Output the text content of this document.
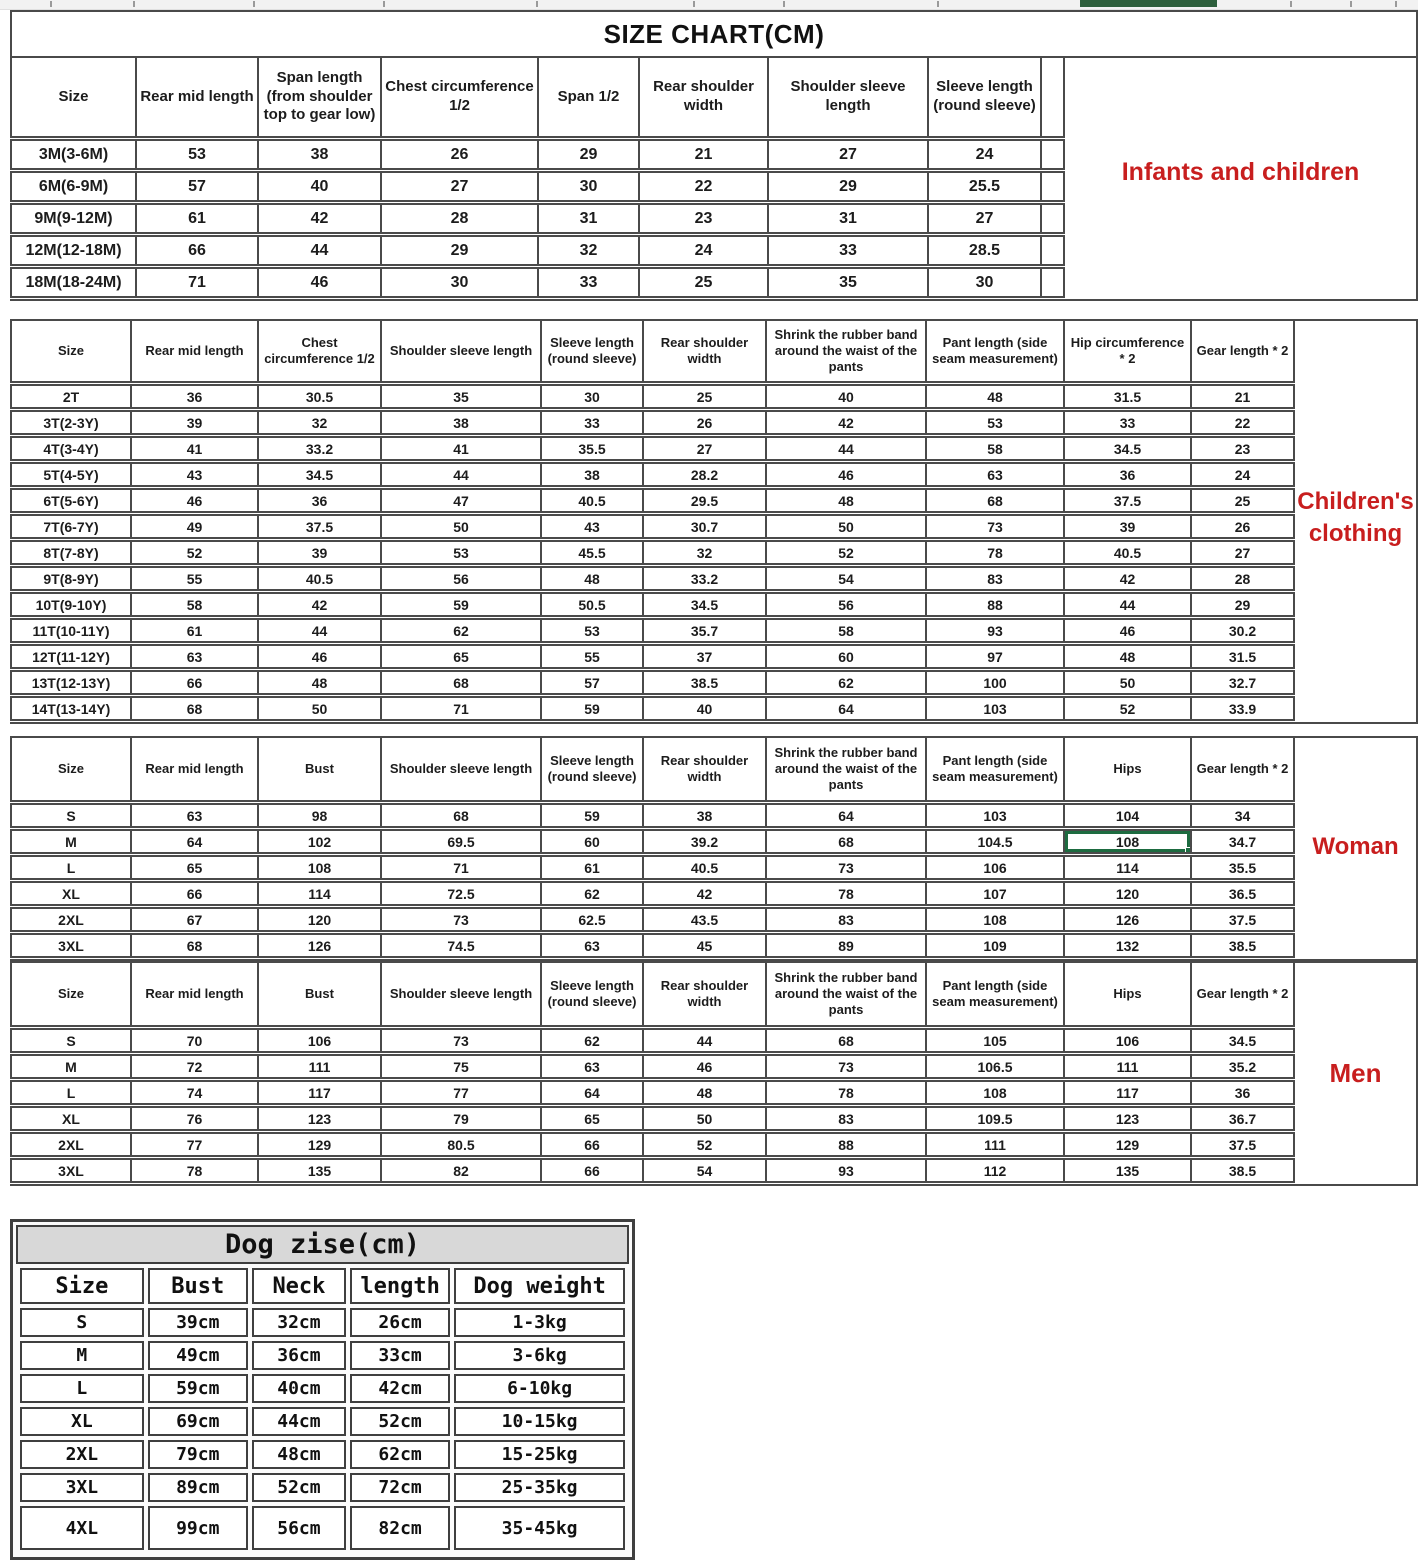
SIZE CHART(CM)
Size	Rear mid length	Span length (from shoulder top to gear low)	Chest circumference 1/2	Span 1/2	Rear shoulder width	Shoulder sleeve length	Sleeve length (round sleeve)	
3M(3-6M)	53	38	26	29	21	27	24	
6M(6-9M)	57	40	27	30	22	29	25.5	
9M(9-12M)	61	42	28	31	23	31	27	
12M(12-18M)	66	44	29	32	24	33	28.5	
18M(18-24M)	71	46	30	33	25	35	30	
Infants and children
Size	Rear mid length	Chest circumference 1/2	Shoulder sleeve length	Sleeve length (round sleeve)	Rear shoulder width	Shrink the rubber band around the waist of the pants	Pant length (side seam measurement)	Hip circumference * 2	Gear length * 2
2T	36	30.5	35	30	25	40	48	31.5	21
3T(2-3Y)	39	32	38	33	26	42	53	33	22
4T(3-4Y)	41	33.2	41	35.5	27	44	58	34.5	23
5T(4-5Y)	43	34.5	44	38	28.2	46	63	36	24
6T(5-6Y)	46	36	47	40.5	29.5	48	68	37.5	25
7T(6-7Y)	49	37.5	50	43	30.7	50	73	39	26
8T(7-8Y)	52	39	53	45.5	32	52	78	40.5	27
9T(8-9Y)	55	40.5	56	48	33.2	54	83	42	28
10T(9-10Y)	58	42	59	50.5	34.5	56	88	44	29
11T(10-11Y)	61	44	62	53	35.7	58	93	46	30.2
12T(11-12Y)	63	46	65	55	37	60	97	48	31.5
13T(12-13Y)	66	48	68	57	38.5	62	100	50	32.7
14T(13-14Y)	68	50	71	59	40	64	103	52	33.9
Children's clothing
Size	Rear mid length	Bust	Shoulder sleeve length	Sleeve length (round sleeve)	Rear shoulder width	Shrink the rubber band around the waist of the pants	Pant length (side seam measurement)	Hips	Gear length * 2
S	63	98	68	59	38	64	103	104	34
M	64	102	69.5	60	39.2	68	104.5	108	34.7
L	65	108	71	61	40.5	73	106	114	35.5
XL	66	114	72.5	62	42	78	107	120	36.5
2XL	67	120	73	62.5	43.5	83	108	126	37.5
3XL	68	126	74.5	63	45	89	109	132	38.5
Woman
Size	Rear mid length	Bust	Shoulder sleeve length	Sleeve length (round sleeve)	Rear shoulder width	Shrink the rubber band around the waist of the pants	Pant length (side seam measurement)	Hips	Gear length * 2
S	70	106	73	62	44	68	105	106	34.5
M	72	111	75	63	46	73	106.5	111	35.2
L	74	117	77	64	48	78	108	117	36
XL	76	123	79	65	50	83	109.5	123	36.7
2XL	77	129	80.5	66	52	88	111	129	37.5
3XL	78	135	82	66	54	93	112	135	38.5
Men
Dog zise(cm)
Size	Bust	Neck	length	Dog weight
S	39cm	32cm	26cm	1-3kg
M	49cm	36cm	33cm	3-6kg
L	59cm	40cm	42cm	6-10kg
XL	69cm	44cm	52cm	10-15kg
2XL	79cm	48cm	62cm	15-25kg
3XL	89cm	52cm	72cm	25-35kg
4XL	99cm	56cm	82cm	35-45kg
